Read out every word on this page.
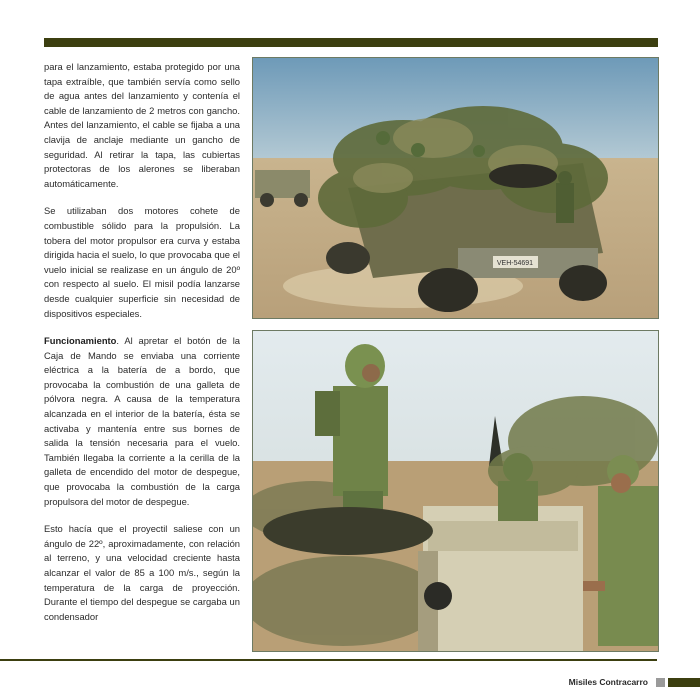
para el lanzamiento, estaba protegido por una tapa extraíble, que también servía como sello de agua antes del lanzamiento y contenía el cable de lanzamiento de 2 metros con gancho. Antes del lanzamiento, el cable se fijaba a una clavija de anclaje mediante un gancho de seguridad. Al retirar la tapa, las cubiertas protectoras de los alerones se liberaban automáticamente.

Se utilizaban dos motores cohete de combustible sólido para la propulsión. La tobera del motor propulsor era curva y estaba dirigida hacia el suelo, lo que provocaba que el vuelo inicial se realizase en un ángulo de 20º con respecto al suelo. El misil podía lanzarse desde cualquier superficie sin necesidad de dispositivos especiales.

Funcionamiento. Al apretar el botón de la Caja de Mando se enviaba una corriente eléctrica a la batería de a bordo, que provocaba la combustión de una galleta de pólvora negra. A causa de la temperatura alcanzada en el interior de la batería, ésta se activaba y mantenía entre sus bornes de salida la tensión necesaria para el vuelo. También llegaba la corriente a la cerilla de la galleta de encendido del motor de despegue, que provocaba la combustión de la carga propulsora del motor de despegue.

Esto hacía que el proyectil saliese con un ángulo de 22º, aproximadamente, con relación al terreno, y una velocidad creciente hasta alcanzar el valor de 85 a 100 m/s., según la temperatura de la carga de proyección. Durante el tiempo del despegue se cargaba un condensador

VEH-54691
Misiles Contracarro
